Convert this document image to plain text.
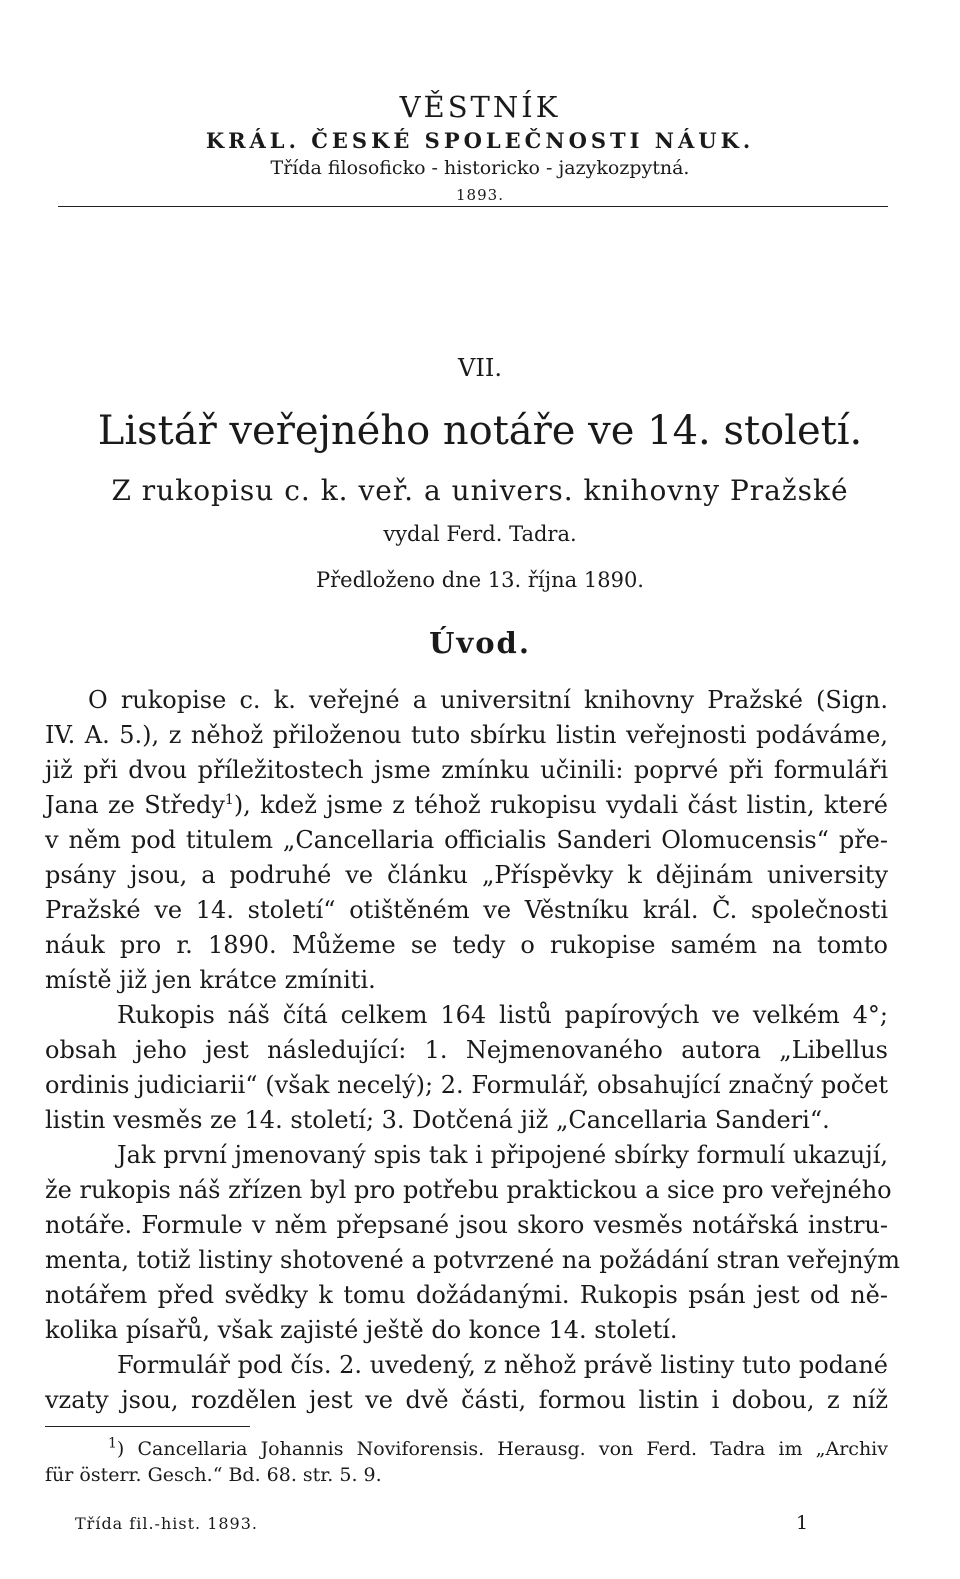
VĚSTNÍK
KRÁL. ČESKÉ SPOLEČNOSTI NÁUK.
Třída filosoficko - historicko - jazykozpytná.
1893.
VII.
Listář veřejného notáře ve 14. století.
Z rukopisu c. k. veř. a univers. knihovny Pražské
vydal Ferd. Tadra.
Předloženo dne 13. října 1890.
Úvod.
O rukopise c. k. veřejné a universitní knihovny Pražské (Sign.
IV. A. 5.), z něhož přiloženou tuto sbírku listin veřejnosti podáváme,
již při dvou příležitostech jsme zmínku učinili: poprvé při formuláři
Jana ze Středy$^1$), kdež jsme z téhož rukopisu vydali část listin, které
v něm pod titulem „Cancellaria officialis Sanderi Olomucensis“ pře-
psány jsou, a podruhé ve článku „Příspěvky k dějinám university
Pražské ve 14. století“ otištěném ve Věstníku král. Č. společnosti
náuk pro r. 1890. Můžeme se tedy o rukopise samém na tomto
místě již jen krátce zmíniti.
Rukopis náš čítá celkem 164 listů papírových ve velkém 4°;
obsah jeho jest následující: 1. Nejmenovaného autora „Libellus
ordinis judiciarii“ (však necelý); 2. Formulář, obsahující značný počet
listin vesměs ze 14. století; 3. Dotčená již „Cancellaria Sanderi“.
Jak první jmenovaný spis tak i připojené sbírky formulí ukazují,
že rukopis náš zřízen byl pro potřebu praktickou a sice pro veřejného
notáře. Formule v něm přepsané jsou skoro vesměs notářská instru-
menta, totiž listiny shotovené a potvrzené na požádání stran veřejným
notářem před svědky k tomu dožádanými. Rukopis psán jest od ně-
kolika písařů, však zajisté ještě do konce 14. století.
Formulář pod čís. 2. uvedený, z něhož právě listiny tuto podané
vzaty jsou, rozdělen jest ve dvě části, formou listin i dobou, z níž
$^1$) Cancellaria Johannis Noviforensis. Herausg. von Ferd. Tadra im „Archiv
für österr. Gesch.“ Bd. 68. str. 5. 9.
Třída fil.-hist. 1893.	1
